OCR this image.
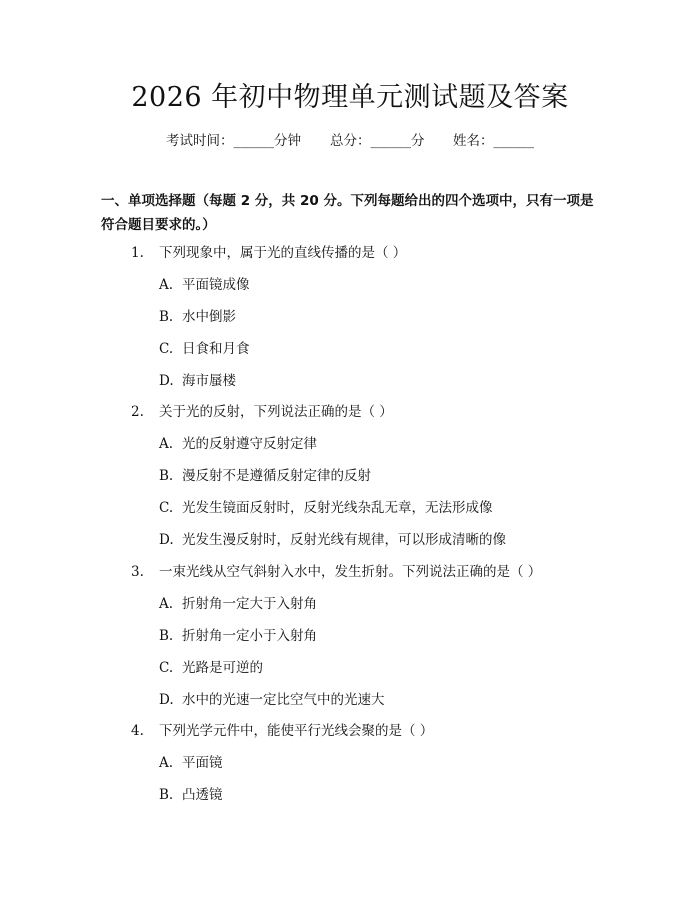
2026 年初中物理单元测试题及答案
考试时间：______分钟 总分：______分 姓名：______
一、单项选择题（每题 2 分，共 20 分。下列每题给出的四个选项中，只有一项是符合题目要求的。）
1. 下列现象中，属于光的直线传播的是（ ）
A. 平面镜成像
B. 水中倒影
C. 日食和月食
D. 海市蜃楼
2. 关于光的反射，下列说法正确的是（ ）
A. 光的反射遵守反射定律
B. 漫反射不是遵循反射定律的反射
C. 光发生镜面反射时，反射光线杂乱无章，无法形成像
D. 光发生漫反射时，反射光线有规律，可以形成清晰的像
3. 一束光线从空气斜射入水中，发生折射。下列说法正确的是（ ）
A. 折射角一定大于入射角
B. 折射角一定小于入射角
C. 光路是可逆的
D. 水中的光速一定比空气中的光速大
4. 下列光学元件中，能使平行光线会聚的是（ ）
A. 平面镜
B. 凸透镜
